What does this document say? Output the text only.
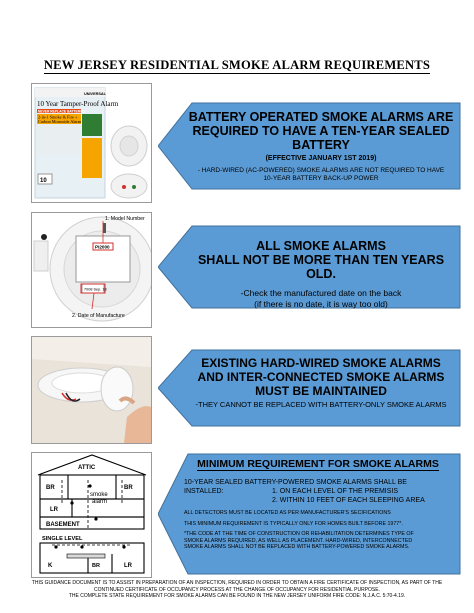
NEW JERSEY RESIDENTIAL SMOKE ALARM REQUIREMENTS
UNIVERSAL
10 Year Tamper-Proof Alarm
NEVER REPLACE BATTERIES
2-in-1 Smoke & Fire +
Carbon Monoxide Alarm
10
1. Model Number
PI2000
7008 Sep. 18
2. Date of Manufacture
ATTIC
BR	BR
LR
smoke
alarm
BASEMENT
SINGLE LEVEL
K	BR	LR
BATTERY OPERATED SMOKE ALARMS ARE
REQUIRED TO HAVE A TEN-YEAR SEALED
BATTERY
(EFFECTIVE JANUARY 1ST 2019)
- HARD-WIRED (AC-POWERED) SMOKE ALARMS ARE NOT REQUIRED TO HAVE
10-YEAR BATTERY BACK-UP POWER
ALL SMOKE ALARMS
SHALL NOT BE MORE THAN TEN YEARS OLD.
-Check the manufactured date on the back
(if there is no date, it is way too old)
EXISTING HARD-WIRED SMOKE ALARMS
AND INTER-CONNECTED SMOKE ALARMS
MUST BE MAINTAINED
-THEY CANNOT BE REPLACED WITH BATTERY-ONLY SMOKE ALARMS
MINIMUM REQUIREMENT FOR SMOKE ALARMS
10-YEAR SEALED BATTERY-POWERED SMOKE ALARMS SHALL BE
INSTALLED:	1. ON EACH LEVEL OF THE PREMISIS
2. WITHIN 10 FEET OF EACH SLEEPING AREA
ALL DETECTORS MUST BE LOCATED AS PER MANUFACTURER'S SECIFICATIONS
THIS MINIMUM REQUIREMENT IS TYPICALLY ONLY FOR HOMES BUILT BEFORE 1977*.
*THE CODE AT THE TIME OF CONSTRUCTION OR REHABILITATION DETERMINES TYPE OF
SMOKE ALARMS REQUIRED, AS WELL AS PLACEMENT. HARD-WIRED, INTERCONNECTED
SMOKE ALARMS SHALL NOT BE REPLACED WITH BATTERY-POWERED SMOKE ALARMS.
THIS GUIDANCE DOCUMENT IS TO ASSIST IN PREPARATION OF AN INSPECTION, REQUIRED IN ORDER TO OBTAIN A FIRE CERTIFICATE OF INSPECTION, AS PART OF THE
CONTINUED CERTIFICATE OF OCCUPANCY PROCESS AT THE CHANGE OF OCCUPANCY FOR RESIDENTIAL PURPOSE.
THE COMPLETE STATE REQUIREMENT FOR SMOKE ALARMS CAN BE FOUND IN THE NEW JERSEY UNIFORM FIRE CODE: N.J.A.C. 5:70-4.19.
